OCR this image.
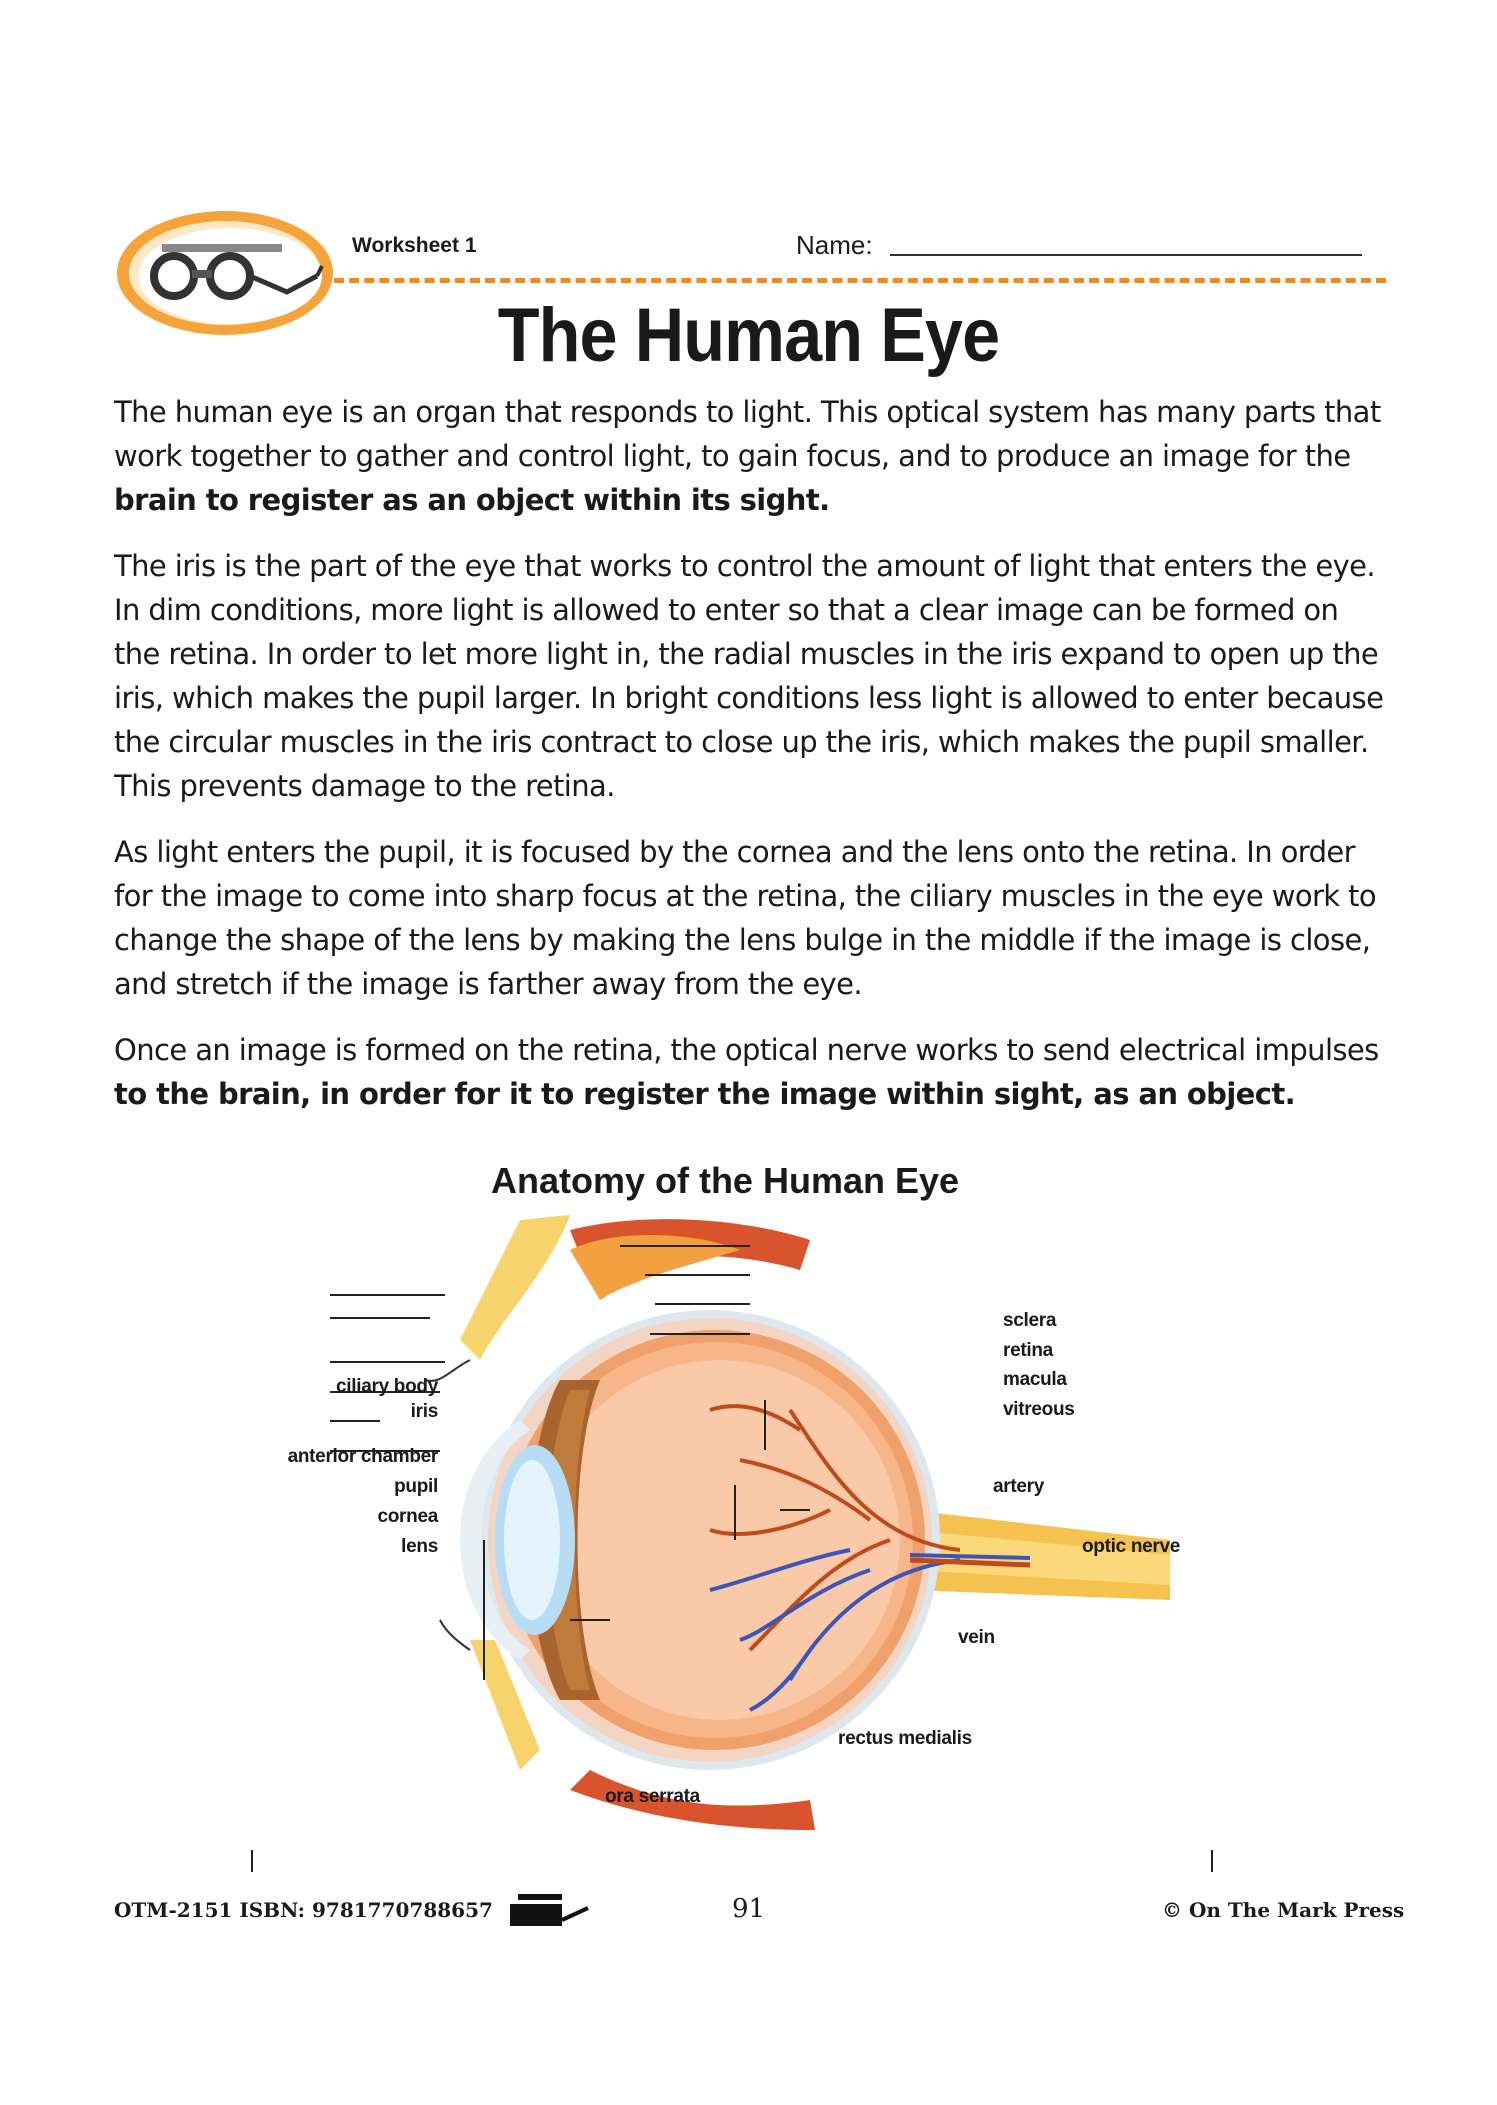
Worksheet 1	Name:
The Human Eye
The human eye is an organ that responds to light. This optical system has many parts that
work together to gather and control light, to gain focus, and to produce an image for the
brain to register as an object within its sight.
The iris is the part of the eye that works to control the amount of light that enters the eye.
In dim conditions, more light is allowed to enter so that a clear image can be formed on
the retina. In order to let more light in, the radial muscles in the iris expand to open up the
iris, which makes the pupil larger. In bright conditions less light is allowed to enter because
the circular muscles in the iris contract to close up the iris, which makes the pupil smaller.
This prevents damage to the retina.
As light enters the pupil, it is focused by the cornea and the lens onto the retina. In order
for the image to come into sharp focus at the retina, the ciliary muscles in the eye work to
change the shape of the lens by making the lens bulge in the middle if the image is close,
and stretch if the image is farther away from the eye.
Once an image is formed on the retina, the optical nerve works to send electrical impulses
to the brain, in order for it to register the image within sight, as an object.
Anatomy of the Human Eye
ciliary body
iris
anterior chamber
pupil
cornea
lens
sclera
retina
macula
vitreous
artery
optic nerve
vein
rectus medialis
ora serrata
OTM-2151 ISBN: 9781770788657	91	© On The Mark Press
